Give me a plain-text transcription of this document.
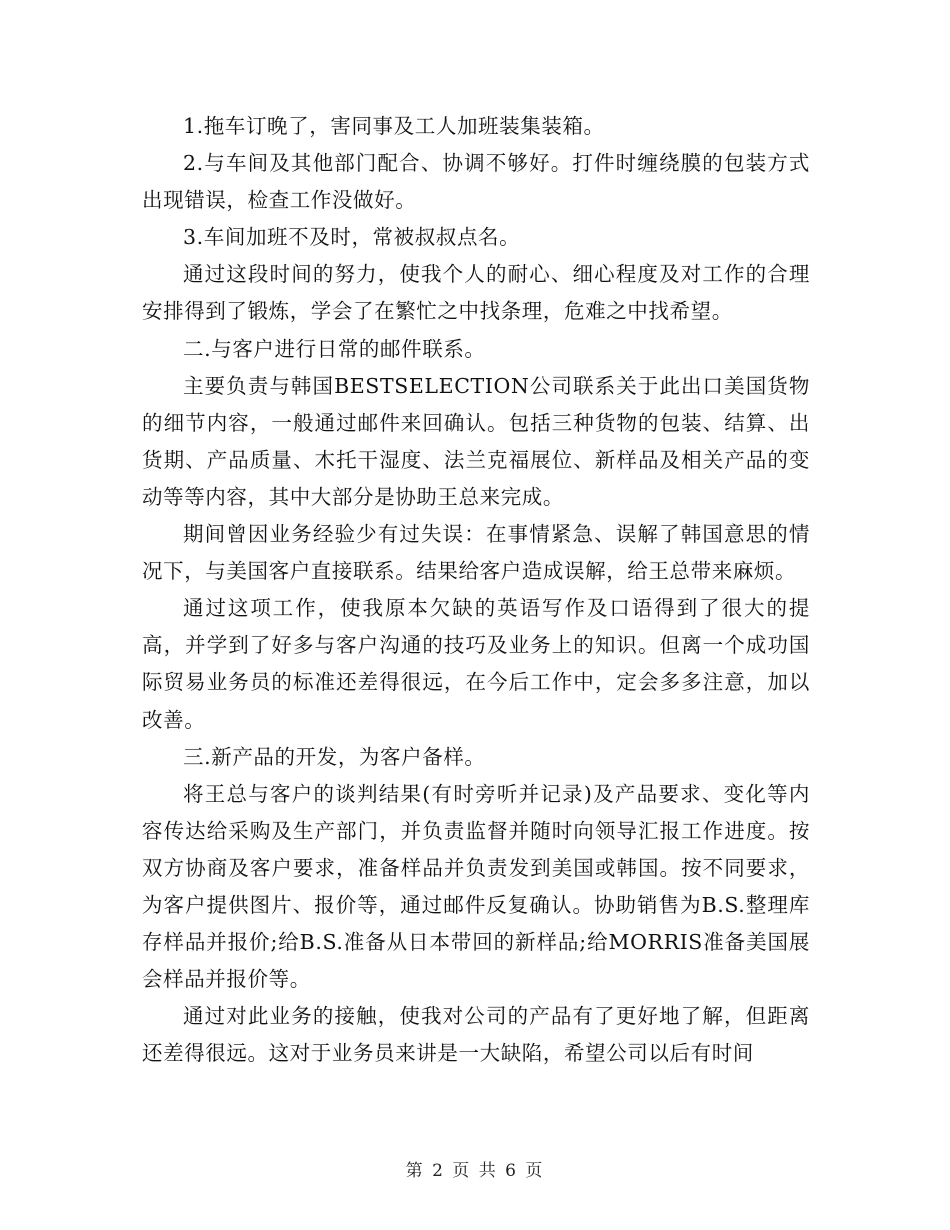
1.拖车订晚了，害同事及工人加班装集装箱。

2.与车间及其他部门配合、协调不够好。打件时缠绕膜的包装方式出现错误，检查工作没做好。

3.车间加班不及时，常被叔叔点名。

通过这段时间的努力，使我个人的耐心、细心程度及对工作的合理安排得到了锻炼，学会了在繁忙之中找条理，危难之中找希望。

二.与客户进行日常的邮件联系。

主要负责与韩国BESTSELECTION公司联系关于此出口美国货物的细节内容，一般通过邮件来回确认。包括三种货物的包装、结算、出货期、产品质量、木托干湿度、法兰克福展位、新样品及相关产品的变动等等内容，其中大部分是协助王总来完成。

期间曾因业务经验少有过失误：在事情紧急、误解了韩国意思的情况下，与美国客户直接联系。结果给客户造成误解，给王总带来麻烦。

通过这项工作，使我原本欠缺的英语写作及口语得到了很大的提高，并学到了好多与客户沟通的技巧及业务上的知识。但离一个成功国际贸易业务员的标准还差得很远，在今后工作中，定会多多注意，加以改善。

三.新产品的开发，为客户备样。

将王总与客户的谈判结果(有时旁听并记录)及产品要求、变化等内容传达给采购及生产部门，并负责监督并随时向领导汇报工作进度。按双方协商及客户要求，准备样品并负责发到美国或韩国。按不同要求，为客户提供图片、报价等，通过邮件反复确认。协助销售为B.S.整理库存样品并报价;给B.S.准备从日本带回的新样品;给MORRIS准备美国展会样品并报价等。

通过对此业务的接触，使我对公司的产品有了更好地了解，但距离还差得很远。这对于业务员来讲是一大缺陷，希望公司以后有时间

第 2 页 共 6 页
